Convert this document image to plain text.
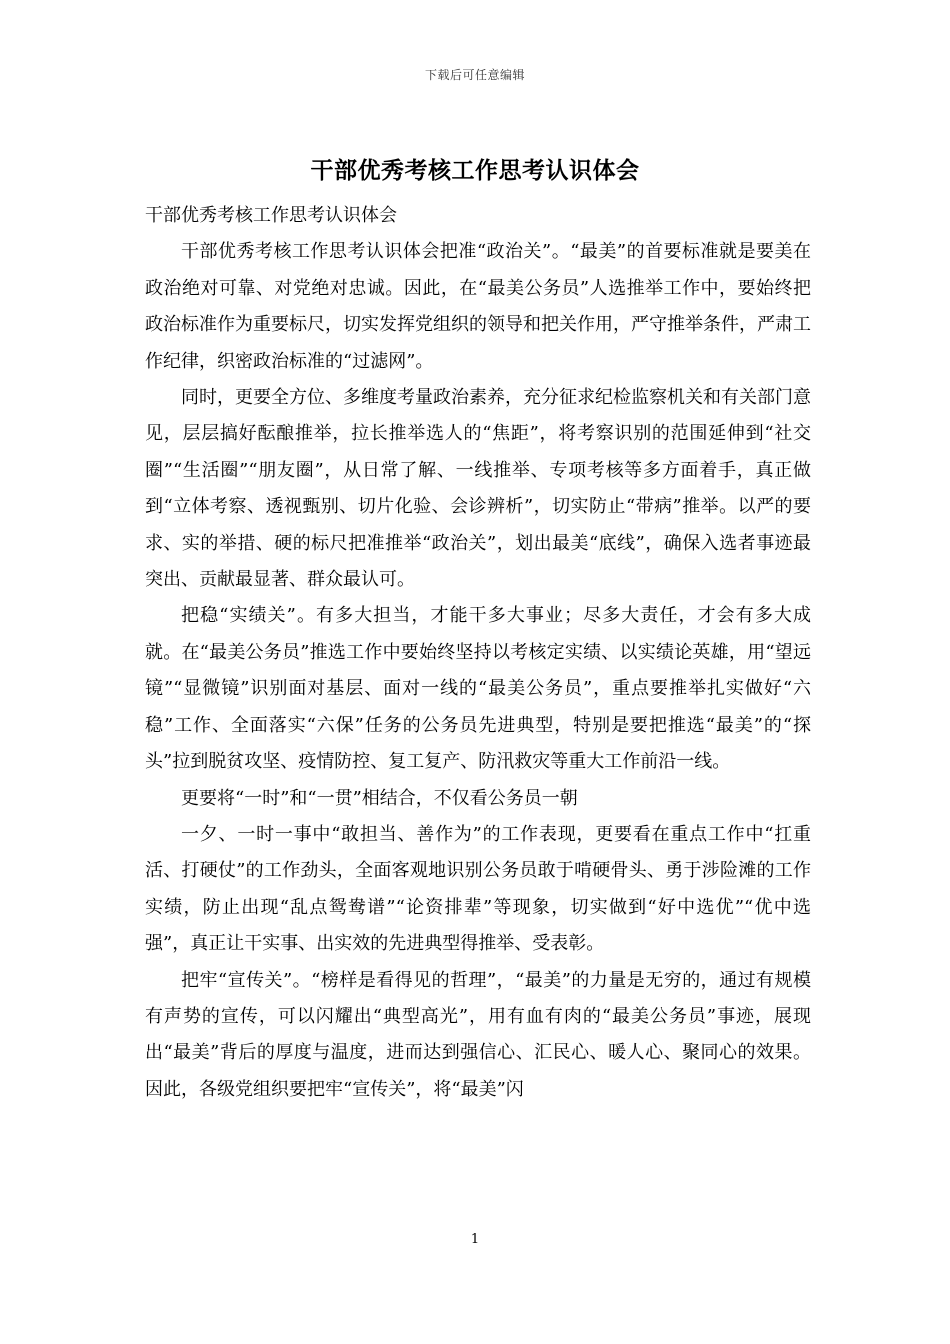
下载后可任意编辑
干部优秀考核工作思考认识体会

干部优秀考核工作思考认识体会

干部优秀考核工作思考认识体会把准“政治关”。“最美”的首要标准就是要美在政治绝对可靠、对党绝对忠诚。因此，在“最美公务员”人选推举工作中，要始终把政治标准作为重要标尺，切实发挥党组织的领导和把关作用，严守推举条件，严肃工作纪律，织密政治标准的“过滤网”。

同时，更要全方位、多维度考量政治素养，充分征求纪检监察机关和有关部门意见，层层搞好酝酿推举，拉长推举选人的“焦距”，将考察识别的范围延伸到“社交圈”“生活圈”“朋友圈”，从日常了解、一线推举、专项考核等多方面着手，真正做到“立体考察、透视甄别、切片化验、会诊辨析”，切实防止“带病”推举。以严的要求、实的举措、硬的标尺把准推举“政治关”，划出最美“底线”，确保入选者事迹最突出、贡献最显著、群众最认可。

把稳“实绩关”。有多大担当，才能干多大事业；尽多大责任，才会有多大成就。在“最美公务员”推选工作中要始终坚持以考核定实绩、以实绩论英雄，用“望远镜”“显微镜”识别面对基层、面对一线的“最美公务员”，重点要推举扎实做好“六稳”工作、全面落实“六保”任务的公务员先进典型，特别是要把推选“最美”的“探头”拉到脱贫攻坚、疫情防控、复工复产、防汛救灾等重大工作前沿一线。

更要将“一时”和“一贯”相结合，不仅看公务员一朝

一夕、一时一事中“敢担当、善作为”的工作表现，更要看在重点工作中“扛重活、打硬仗”的工作劲头，全面客观地识别公务员敢于啃硬骨头、勇于涉险滩的工作实绩，防止出现“乱点鸳鸯谱”“论资排辈”等现象，切实做到“好中选优”“优中选强”，真正让干实事、出实效的先进典型得推举、受表彰。

把牢“宣传关”。“榜样是看得见的哲理”，“最美”的力量是无穷的，通过有规模有声势的宣传，可以闪耀出“典型高光”，用有血有肉的“最美公务员”事迹，展现出“最美”背后的厚度与温度，进而达到强信心、汇民心、暖人心、聚同心的效果。因此，各级党组织要把牢“宣传关”，将“最美”闪

1
